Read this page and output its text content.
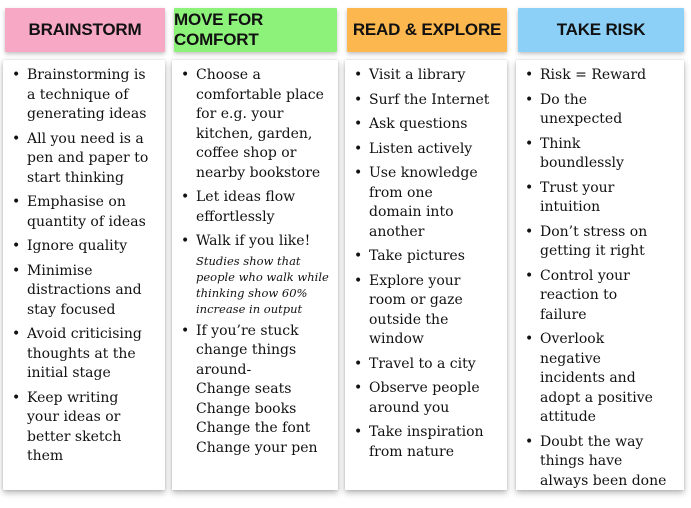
BRAINSTORM
• Brainstorming is
a technique of
generating ideas
• All you need is a
pen and paper to
start thinking
• Emphasise on
quantity of ideas
• Ignore quality
• Minimise
distractions and
stay focused
• Avoid criticising
thoughts at the
initial stage
• Keep writing
your ideas or
better sketch
them
MOVE FOR COMFORT
• Choose a
comfortable place
for e.g. your
kitchen, garden,
coffee shop or
nearby bookstore
• Let ideas flow
effortlessly
• Walk if you like!
Studies show that
people who walk while
thinking show 60%
increase in output
• If you’re stuck
change things
around-
Change seats
Change books
Change the font
Change your pen
READ & EXPLORE
• Visit a library
• Surf the Internet
• Ask questions
• Listen actively
• Use knowledge
from one
domain into
another
• Take pictures
• Explore your
room or gaze
outside the
window
• Travel to a city
• Observe people
around you
• Take inspiration
from nature
TAKE RISK
• Risk = Reward
• Do the
unexpected
• Think
boundlessly
• Trust your
intuition
• Don’t stress on
getting it right
• Control your
reaction to
failure
• Overlook
negative
incidents and
adopt a positive
attitude
• Doubt the way
things have
always been done
